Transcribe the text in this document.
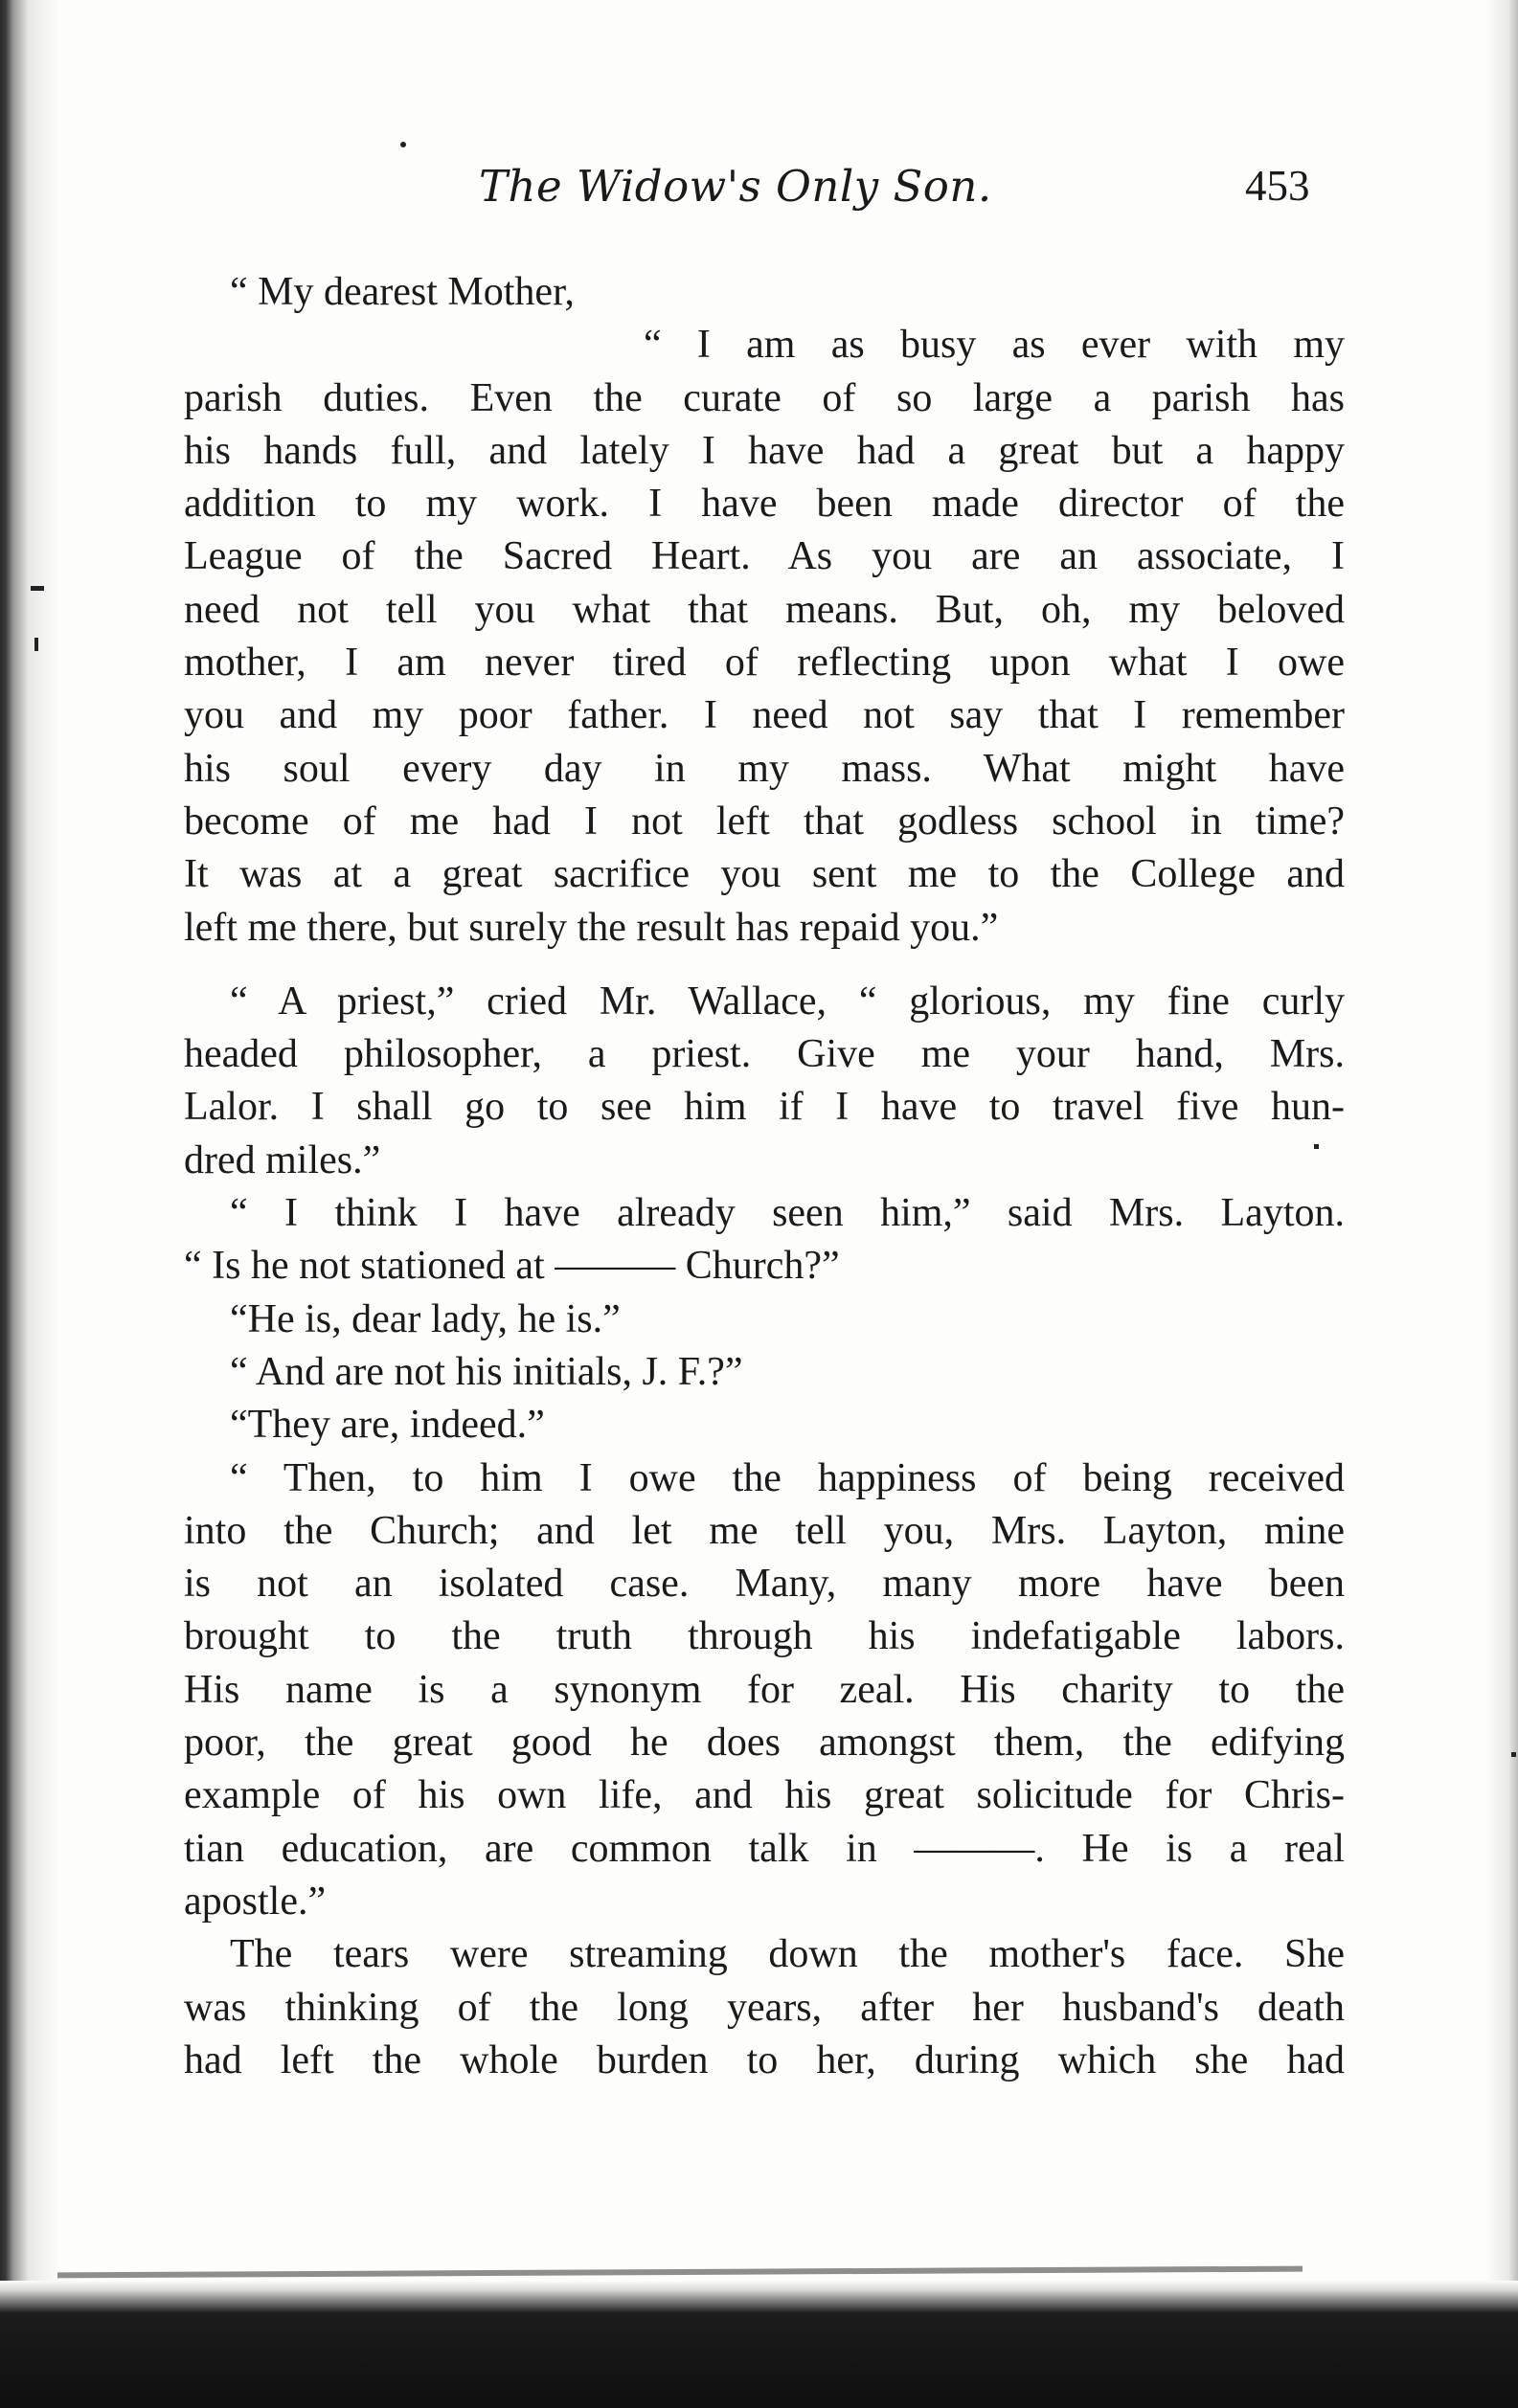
The Widow's Only Son.	453
“ My dearest Mother,
“ I am as busy as ever with my
parish duties. Even the curate of so large a parish has
his hands full, and lately I have had a great but a happy
addition to my work. I have been made director of the
League of the Sacred Heart. As you are an associate, I
need not tell you what that means. But, oh, my beloved
mother, I am never tired of reflecting upon what I owe
you and my poor father. I need not say that I remember
his soul every day in my mass. What might have
become of me had I not left that godless school in time?
It was at a great sacrifice you sent me to the College and
left me there, but surely the result has repaid you.”
“ A priest,” cried Mr. Wallace, “ glorious, my fine curly
headed philosopher, a priest. Give me your hand, Mrs.
Lalor. I shall go to see him if I have to travel five hun-
dred miles.”
“ I think I have already seen him,” said Mrs. Layton.
“ Is he not stationed at ——— Church?”
“He is, dear lady, he is.”
“ And are not his initials, J. F.?”
“They are, indeed.”
“ Then, to him I owe the happiness of being received
into the Church; and let me tell you, Mrs. Layton, mine
is not an isolated case. Many, many more have been
brought to the truth through his indefatigable labors.
His name is a synonym for zeal. His charity to the
poor, the great good he does amongst them, the edifying
example of his own life, and his great solicitude for Chris-
tian education, are common talk in ———. He is a real
apostle.”
The tears were streaming down the mother's face. She
was thinking of the long years, after her husband's death
had left the whole burden to her, during which she had
